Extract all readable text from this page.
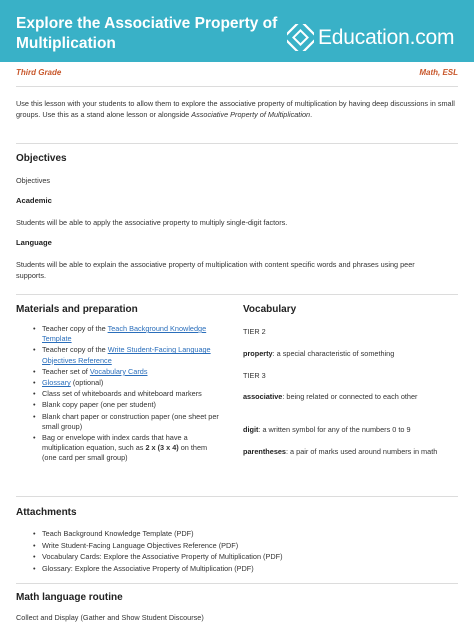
Explore the Associative Property of Multiplication	Education.com
Third Grade	Math, ESL
Use this lesson with your students to allow them to explore the associative property of multiplication by having deep discussions in small groups. Use this as a stand alone lesson or alongside Associative Property of Multiplication.
Objectives
Objectives
Academic
Students will be able to apply the associative property to multiply single-digit factors.
Language
Students will be able to explain the associative property of multiplication with content specific words and phrases using peer supports.
Materials and preparation
• Teacher copy of the Teach Background Knowledge Template
• Teacher copy of the Write Student-Facing Language Objectives Reference
• Teacher set of Vocabulary Cards
• Glossary (optional)
• Class set of whiteboards and whiteboard markers
• Blank copy paper (one per student)
• Blank chart paper or construction paper (one sheet per small group)
• Bag or envelope with index cards that have a multiplication equation, such as 2 x (3 x 4) on them (one card per small group)
Vocabulary
TIER 2
property: a special characteristic of something
TIER 3
associative: being related or connected to each other
digit: a written symbol for any of the numbers 0 to 9
parentheses: a pair of marks used around numbers in math
Attachments
• Teach Background Knowledge Template (PDF)
• Write Student-Facing Language Objectives Reference (PDF)
• Vocabulary Cards: Explore the Associative Property of Multiplication (PDF)
• Glossary: Explore the Associative Property of Multiplication (PDF)
Math language routine
Collect and Display (Gather and Show Student Discourse)
